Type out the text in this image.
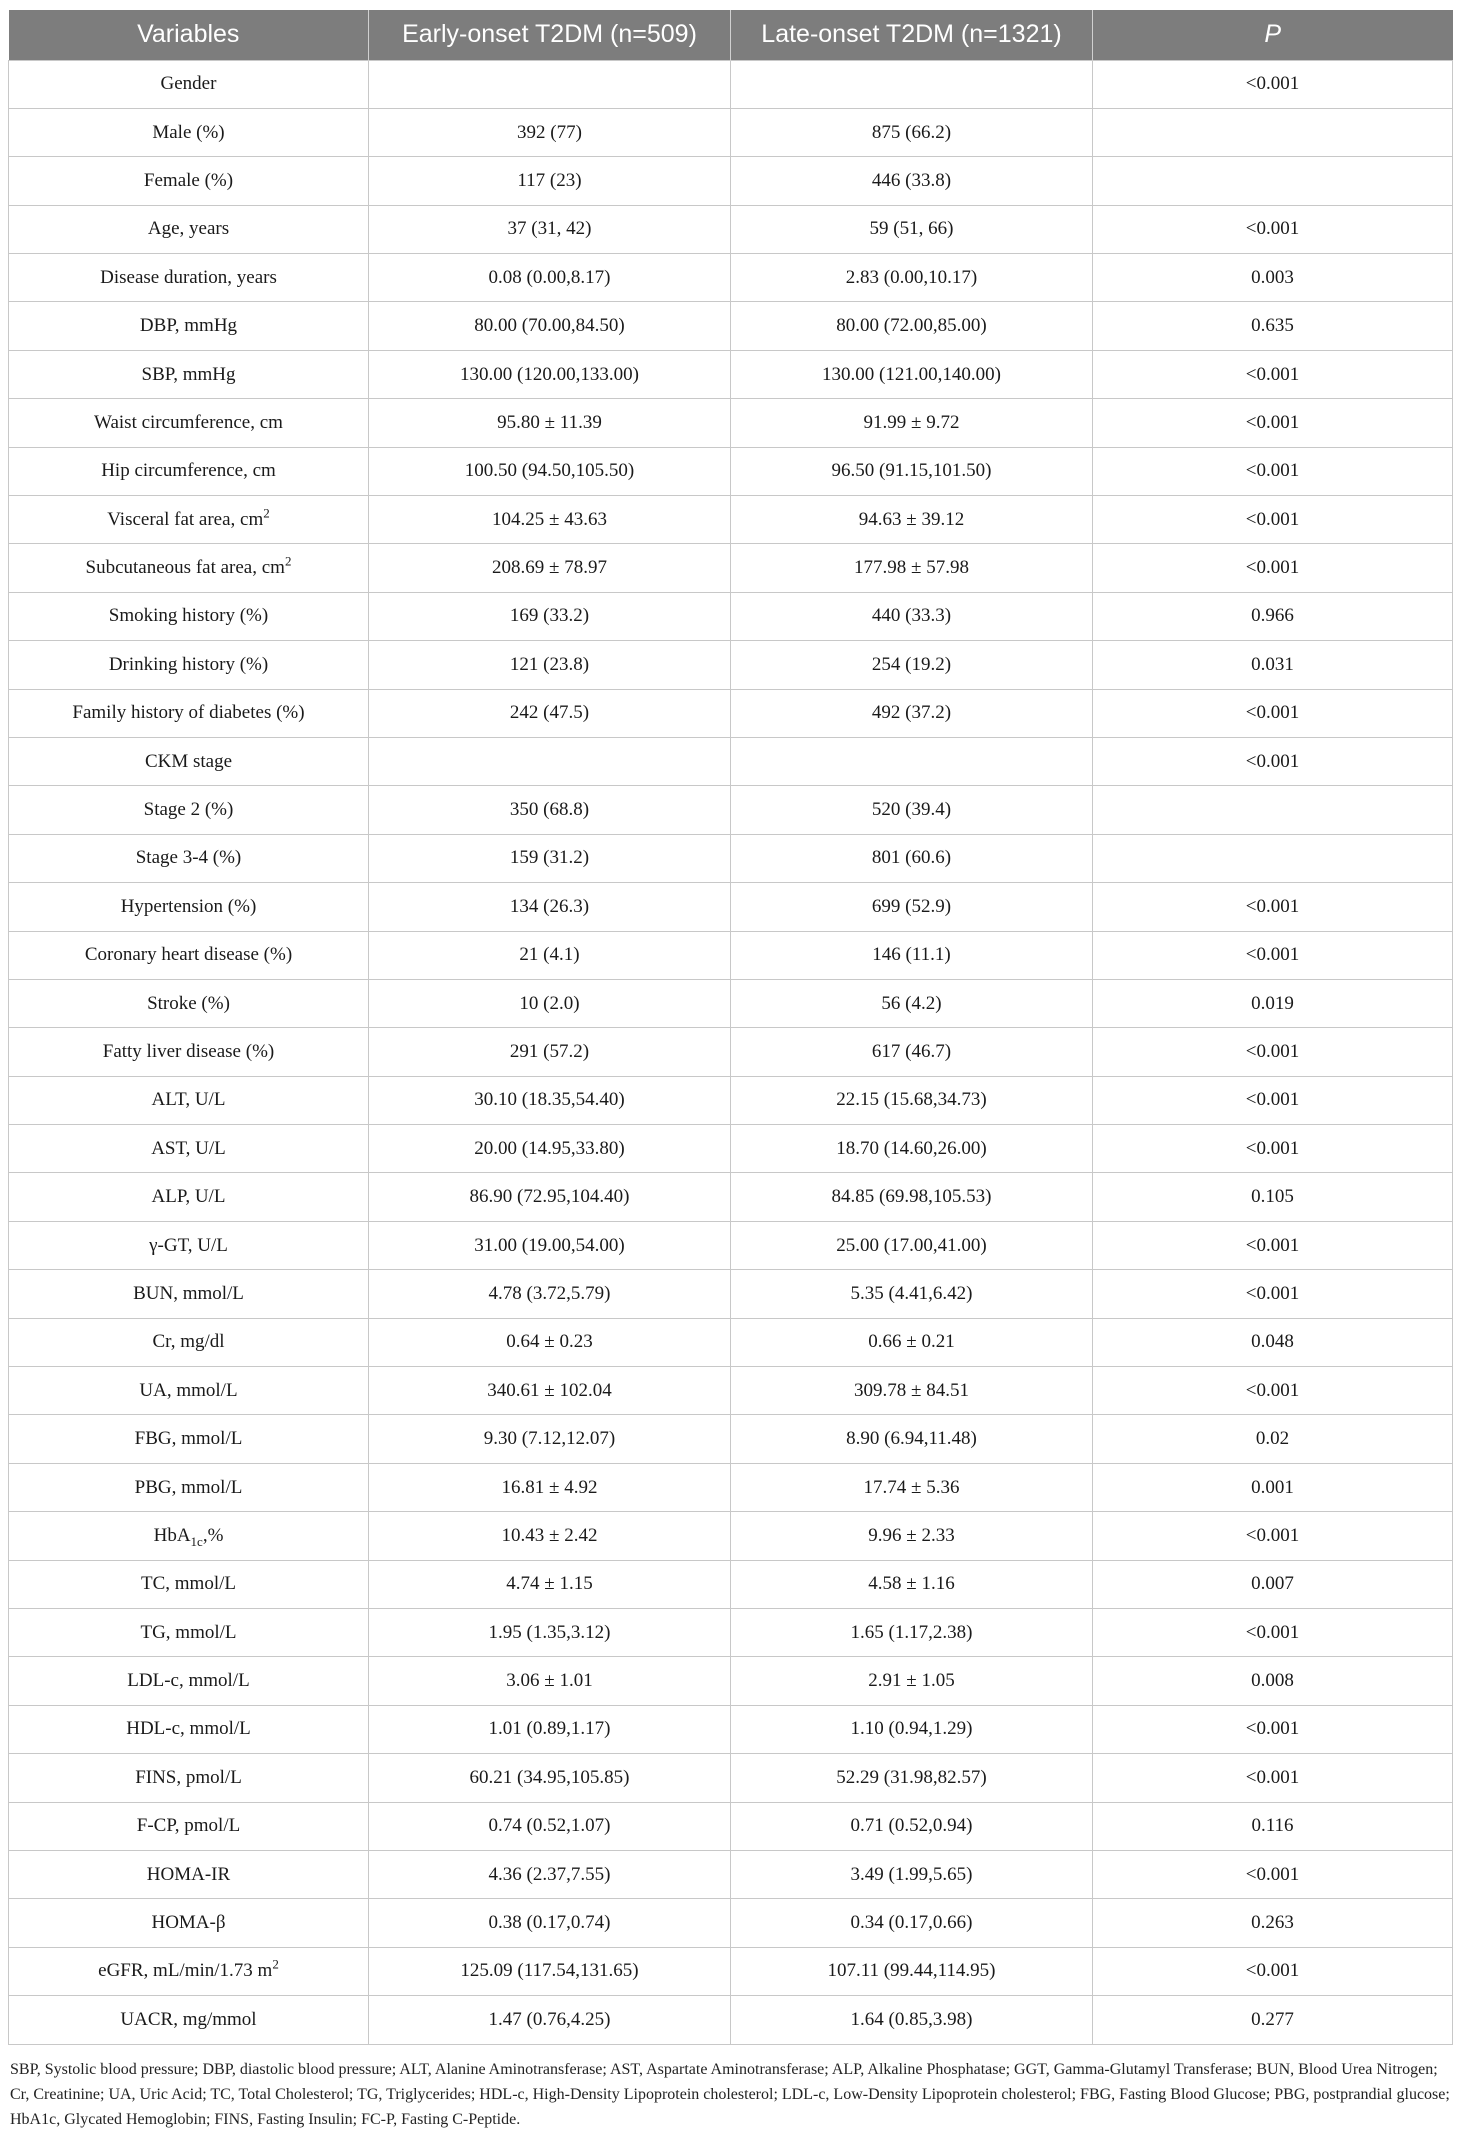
Variables	Early-onset T2DM (n=509)	Late-onset T2DM (n=1321)	P
Gender			<0.001
Male (%)	392 (77)	875 (66.2)	
Female (%)	117 (23)	446 (33.8)	
Age, years	37 (31, 42)	59 (51, 66)	<0.001
Disease duration, years	0.08 (0.00,8.17)	2.83 (0.00,10.17)	0.003
DBP, mmHg	80.00 (70.00,84.50)	80.00 (72.00,85.00)	0.635
SBP, mmHg	130.00 (120.00,133.00)	130.00 (121.00,140.00)	<0.001
Waist circumference, cm	95.80 ± 11.39	91.99 ± 9.72	<0.001
Hip circumference, cm	100.50 (94.50,105.50)	96.50 (91.15,101.50)	<0.001
Visceral fat area, $cm^2$	104.25 ± 43.63	94.63 ± 39.12	<0.001
Subcutaneous fat area, $cm^2$	208.69 ± 78.97	177.98 ± 57.98	<0.001
Smoking history (%)	169 (33.2)	440 (33.3)	0.966
Drinking history (%)	121 (23.8)	254 (19.2)	0.031
Family history of diabetes (%)	242 (47.5)	492 (37.2)	<0.001
CKM stage			<0.001
Stage 2 (%)	350 (68.8)	520 (39.4)	
Stage 3-4 (%)	159 (31.2)	801 (60.6)	
Hypertension (%)	134 (26.3)	699 (52.9)	<0.001
Coronary heart disease (%)	21 (4.1)	146 (11.1)	<0.001
Stroke (%)	10 (2.0)	56 (4.2)	0.019
Fatty liver disease (%)	291 (57.2)	617 (46.7)	<0.001
ALT, U/L	30.10 (18.35,54.40)	22.15 (15.68,34.73)	<0.001
AST, U/L	20.00 (14.95,33.80)	18.70 (14.60,26.00)	<0.001
ALP, U/L	86.90 (72.95,104.40)	84.85 (69.98,105.53)	0.105
γ-GT, U/L	31.00 (19.00,54.00)	25.00 (17.00,41.00)	<0.001
BUN, mmol/L	4.78 (3.72,5.79)	5.35 (4.41,6.42)	<0.001
Cr, mg/dl	0.64 ± 0.23	0.66 ± 0.21	0.048
UA, mmol/L	340.61 ± 102.04	309.78 ± 84.51	<0.001
FBG, mmol/L	9.30 (7.12,12.07)	8.90 (6.94,11.48)	0.02
PBG, mmol/L	16.81 ± 4.92	17.74 ± 5.36	0.001
HbA$_{1c}$,%	10.43 ± 2.42	9.96 ± 2.33	<0.001
TC, mmol/L	4.74 ± 1.15	4.58 ± 1.16	0.007
TG, mmol/L	1.95 (1.35,3.12)	1.65 (1.17,2.38)	<0.001
LDL-c, mmol/L	3.06 ± 1.01	2.91 ± 1.05	0.008
HDL-c, mmol/L	1.01 (0.89,1.17)	1.10 (0.94,1.29)	<0.001
FINS, pmol/L	60.21 (34.95,105.85)	52.29 (31.98,82.57)	<0.001
F-CP, pmol/L	0.74 (0.52,1.07)	0.71 (0.52,0.94)	0.116
HOMA-IR	4.36 (2.37,7.55)	3.49 (1.99,5.65)	<0.001
HOMA-β	0.38 (0.17,0.74)	0.34 (0.17,0.66)	0.263
eGFR, mL/min/1.73 $m^2$	125.09 (117.54,131.65)	107.11 (99.44,114.95)	<0.001
UACR, mg/mmol	1.47 (0.76,4.25)	1.64 (0.85,3.98)	0.277

SBP, Systolic blood pressure; DBP, diastolic blood pressure; ALT, Alanine Aminotransferase; AST, Aspartate Aminotransferase; ALP, Alkaline Phosphatase; GGT, Gamma-Glutamyl Transferase; BUN, Blood Urea Nitrogen; Cr, Creatinine; UA, Uric Acid; TC, Total Cholesterol; TG, Triglycerides; HDL-c, High-Density Lipoprotein cholesterol; LDL-c, Low-Density Lipoprotein cholesterol; FBG, Fasting Blood Glucose; PBG, postprandial glucose; HbA1c, Glycated Hemoglobin; FINS, Fasting Insulin; FC-P, Fasting C-Peptide.
